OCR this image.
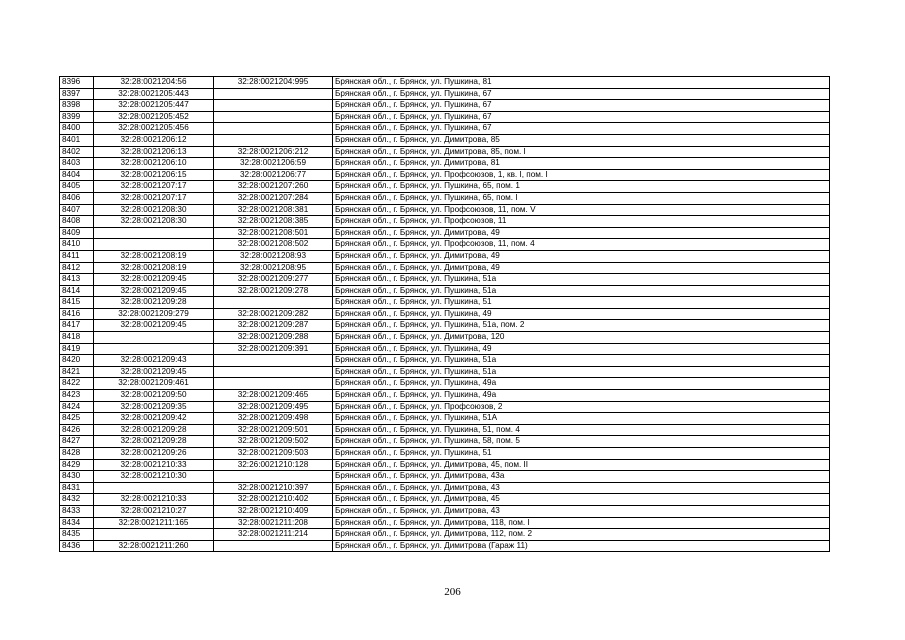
8396	32:28:0021204:56	32:28:0021204:995	Брянская обл., г. Брянск, ул. Пушкина, 81
8397	32:28:0021205:443		Брянская обл., г. Брянск, ул. Пушкина, 67
8398	32:28:0021205:447		Брянская обл., г. Брянск, ул. Пушкина, 67
8399	32:28:0021205:452		Брянская обл., г. Брянск, ул. Пушкина, 67
8400	32:28:0021205:456		Брянская обл., г. Брянск, ул. Пушкина, 67
8401	32:28:0021206:12		Брянская обл., г. Брянск, ул. Димитрова, 85
8402	32:28:0021206:13	32:28:0021206:212	Брянская обл., г. Брянск, ул. Димитрова, 85, пом. I
8403	32:28:0021206:10	32:28:0021206:59	Брянская обл., г. Брянск, ул. Димитрова, 81
8404	32:28:0021206:15	32:28:0021206:77	Брянская обл., г. Брянск, ул. Профсоюзов, 1, кв. I, пом. I
8405	32:28:0021207:17	32:28:0021207:260	Брянская обл., г. Брянск, ул. Пушкина, 65, пом. 1
8406	32:28:0021207:17	32:28:0021207:284	Брянская обл., г. Брянск, ул. Пушкина, 65, пом. I
8407	32:28:0021208:30	32:28:0021208:381	Брянская обл., г. Брянск, ул. Профсоюзов, 11, пом. V
8408	32:28:0021208:30	32:28:0021208:385	Брянская обл., г. Брянск, ул. Профсоюзов, 11
8409		32:28:0021208:501	Брянская обл., г. Брянск, ул. Димитрова, 49
8410		32:28:0021208:502	Брянская обл., г. Брянск, ул. Профсоюзов, 11, пом. 4
8411	32:28:0021208:19	32:28:0021208:93	Брянская обл., г. Брянск, ул. Димитрова, 49
8412	32:28:0021208:19	32:28:0021208:95	Брянская обл., г. Брянск, ул. Димитрова, 49
8413	32:28:0021209:45	32:28:0021209:277	Брянская обл., г. Брянск, ул. Пушкина, 51а
8414	32:28:0021209:45	32:28:0021209:278	Брянская обл., г. Брянск, ул. Пушкина, 51а
8415	32:28:0021209:28		Брянская обл., г. Брянск, ул. Пушкина, 51
8416	32:28:0021209:279	32:28:0021209:282	Брянская обл., г. Брянск, ул. Пушкина, 49
8417	32:28:0021209:45	32:28:0021209:287	Брянская обл., г. Брянск, ул. Пушкина, 51а, пом. 2
8418		32:28:0021209:288	Брянская обл., г. Брянск, ул. Димитрова, 120
8419		32:28:0021209:391	Брянская обл., г. Брянск, ул. Пушкина, 49
8420	32:28:0021209:43		Брянская обл., г. Брянск, ул. Пушкина, 51а
8421	32:28:0021209:45		Брянская обл., г. Брянск, ул. Пушкина, 51а
8422	32:28:0021209:461		Брянская обл., г. Брянск, ул. Пушкина, 49а
8423	32:28:0021209:50	32:28:0021209:465	Брянская обл., г. Брянск, ул. Пушкина, 49а
8424	32:28:0021209:35	32:28:0021209:495	Брянская обл., г. Брянск, ул. Профсоюзов, 2
8425	32:28:0021209:42	32:28:0021209:498	Брянская обл., г. Брянск, ул. Пушкина, 51А
8426	32:28:0021209:28	32:28:0021209:501	Брянская обл., г. Брянск, ул. Пушкина, 51, пом. 4
8427	32:28:0021209:28	32:28:0021209:502	Брянская обл., г. Брянск, ул. Пушкина, 58, пом. 5
8428	32:28:0021209:26	32:28:0021209:503	Брянская обл., г. Брянск, ул. Пушкина, 51
8429	32:28:0021210:33	32:26:0021210:128	Брянская обл., г. Брянск, ул. Димитрова, 45, пом. II
8430	32:28:0021210:30		Брянская обл., г. Брянск, ул. Димитрова, 43а
8431		32:28:0021210:397	Брянская обл., г. Брянск, ул. Димитрова, 43
8432	32:28:0021210:33	32:28:0021210:402	Брянская обл., г. Брянск, ул. Димитрова, 45
8433	32:28:0021210:27	32:28:0021210:409	Брянская обл., г. Брянск, ул. Димитрова, 43
8434	32:28:0021211:165	32:28:0021211:208	Брянская обл., г. Брянск, ул. Димитрова, 118, пом. I
8435		32:28:0021211:214	Брянская обл., г. Брянск, ул. Димитрова, 112, пом. 2
8436	32:28:0021211:260		Брянская обл., г. Брянск, ул. Димитрова (Гараж 11)
206
